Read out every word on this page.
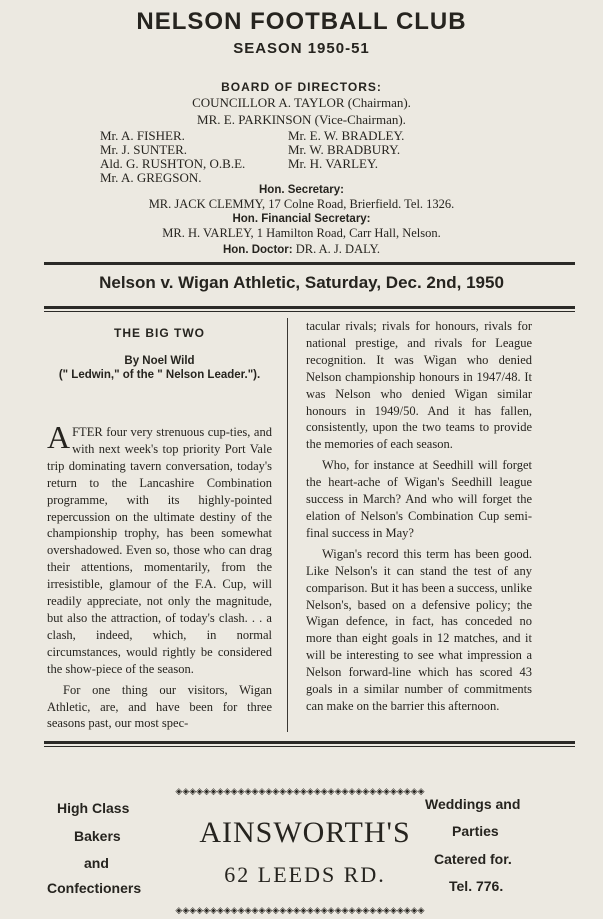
NELSON FOOTBALL CLUB
SEASON 1950-51
BOARD OF DIRECTORS:
COUNCILLOR A. TAYLOR (Chairman).
MR. E. PARKINSON (Vice-Chairman).
Mr. A. FISHER.
Mr. J. SUNTER.
Ald. G. RUSHTON, O.B.E.
Mr. A. GREGSON.
Mr. E. W. BRADLEY.
Mr. W. BRADBURY.
Mr. H. VARLEY.
Hon. Secretary:
MR. JACK CLEMMY, 17 Colne Road, Brierfield. Tel. 1326.
Hon. Financial Secretary:
MR. H. VARLEY, 1 Hamilton Road, Carr Hall, Nelson.
Hon. Doctor: DR. A. J. DALY.
Nelson v. Wigan Athletic, Saturday, Dec. 2nd, 1950
THE BIG TWO
By Noel Wild
(" Ledwin," of the " Nelson Leader.").

AFTER four very strenuous cup-ties, and with next week's top priority Port Vale trip dominating tavern conversation, today's return to the Lancashire Combination programme, with its highly-pointed repercussion on the ultimate destiny of the championship trophy, has been somewhat overshadowed. Even so, those who can drag their attentions, momentarily, from the irresistible, glamour of the F.A. Cup, will readily appreciate, not only the magnitude, but also the attraction, of today's clash. . . a clash, indeed, which, in normal circumstances, would rightly be considered the show-piece of the season.

For one thing our visitors, Wigan Athletic, are, and have been for three seasons past, our most spec-

tacular rivals; rivals for honours, rivals for national prestige, and rivals for League recognition. It was Wigan who denied Nelson championship honours in 1947/48. It was Nelson who denied Wigan similar honours in 1949/50. And it has fallen, consistently, upon the two teams to provide the memories of each season.

Who, for instance at Seedhill will forget the heart-ache of Wigan's Seedhill league success in March? And who will forget the elation of Nelson's Combination Cup semi-final success in May?

Wigan's record this term has been good. Like Nelson's it can stand the test of any comparison. But it has been a success, unlike Nelson's, based on a defensive policy; the Wigan defence, in fact, has conceded no more than eight goals in 12 matches, and it will be interesting to see what impression a Nelson forward-line which has scored 43 goals in a similar number of commitments can make on the barrier this afternoon.

◈◈◈◈◈◈◈◈◈◈◈◈◈◈◈◈◈◈◈◈◈◈◈◈◈◈◈◈◈◈◈◈◈◈◈◈
High Class
Bakers
and
Confectioners
AINSWORTH'S
62 LEEDS RD.
Weddings and
Parties
Catered for.
Tel. 776.
◈◈◈◈◈◈◈◈◈◈◈◈◈◈◈◈◈◈◈◈◈◈◈◈◈◈◈◈◈◈◈◈◈◈◈◈
